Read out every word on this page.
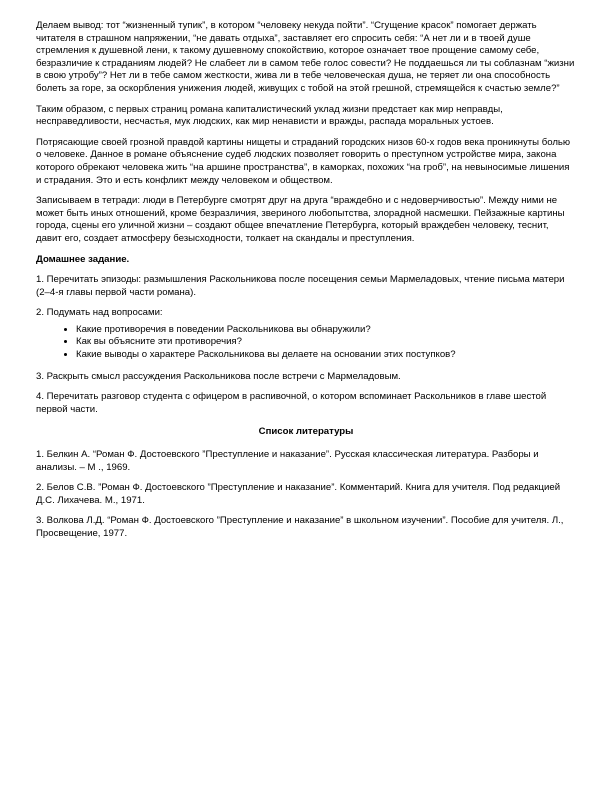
Делаем вывод: тот “жизненный тупик”, в котором “человеку некуда пойти”. “Сгущение красок” помогает держать читателя в страшном напряжении, “не давать отдыха”, заставляет его спросить себя: “А нет ли и в твоей душе стремления к душевной лени, к такому душевному спокойствию, которое означает твое прощение самому себе, безразличие к страданиям людей? Не слабеет ли в самом тебе голос совести? Не поддаешься ли ты соблазнам “жизни в свою утробу”? Нет ли в тебе самом жесткости, жива ли в тебе человеческая душа, не теряет ли она способность болеть за горе, за оскорбления унижения людей, живущих с тобой на этой грешной, стремящейся к счастью земле?”

Таким образом, с первых страниц романа капиталистический уклад жизни предстает как мир неправды, несправедливости, несчастья, мук людских, как мир ненависти и вражды, распада моральных устоев.

Потрясающие своей грозной правдой картины нищеты и страданий городских низов 60-х годов века проникнуты болью о человеке. Данное в романе объяснение судеб людских позволяет говорить о преступном устройстве мира, закона которого обрекают человека жить “на аршине пространства”, в каморках, похожих “на гроб”, на невыносимые лишения и страдания. Это и есть конфликт между человеком и обществом.

Записываем в тетради: люди в Петербурге смотрят друг на друга “враждебно и с недоверчивостью”. Между ними не может быть иных отношений, кроме безразличия, звериного любопытства, злорадной насмешки. Пейзажные картины города, сцены его уличной жизни – создают общее впечатление Петербурга, который враждебен человеку, теснит, давит его, создает атмосферу безысходности, толкает на скандалы и преступления.

Домашнее задание.

1. Перечитать эпизоды: размышления Раскольникова после посещения семьи Мармеладовых, чтение письма матери (2–4-я главы первой части романа).

2. Подумать над вопросами:

• Какие противоречия в поведении Раскольникова вы обнаружили?
• Как вы объясните эти противоречия?
• Какие выводы о характере Раскольникова вы делаете на основании этих поступков?

3. Раскрыть смысл рассуждения Раскольникова после встречи с Мармеладовым.

4. Перечитать разговор студента с офицером в распивочной, о котором вспоминает Раскольников в главе шестой первой части.

Список литературы

1. Белкин А. “Роман Ф. Достоевского ”Преступление и наказание”. Русская классическая литература. Разборы и анализы. – М ., 1969.

2. Белов С.В. ”Роман Ф. Достоевского ”Преступление и наказание”. Комментарий. Книга для учителя. Под редакцией Д.С. Лихачева. М., 1971.

3. Волкова Л.Д. “Роман Ф. Достоевского ”Преступление и наказание” в школьном изучении”. Пособие для учителя. Л., Просвещение, 1977.
